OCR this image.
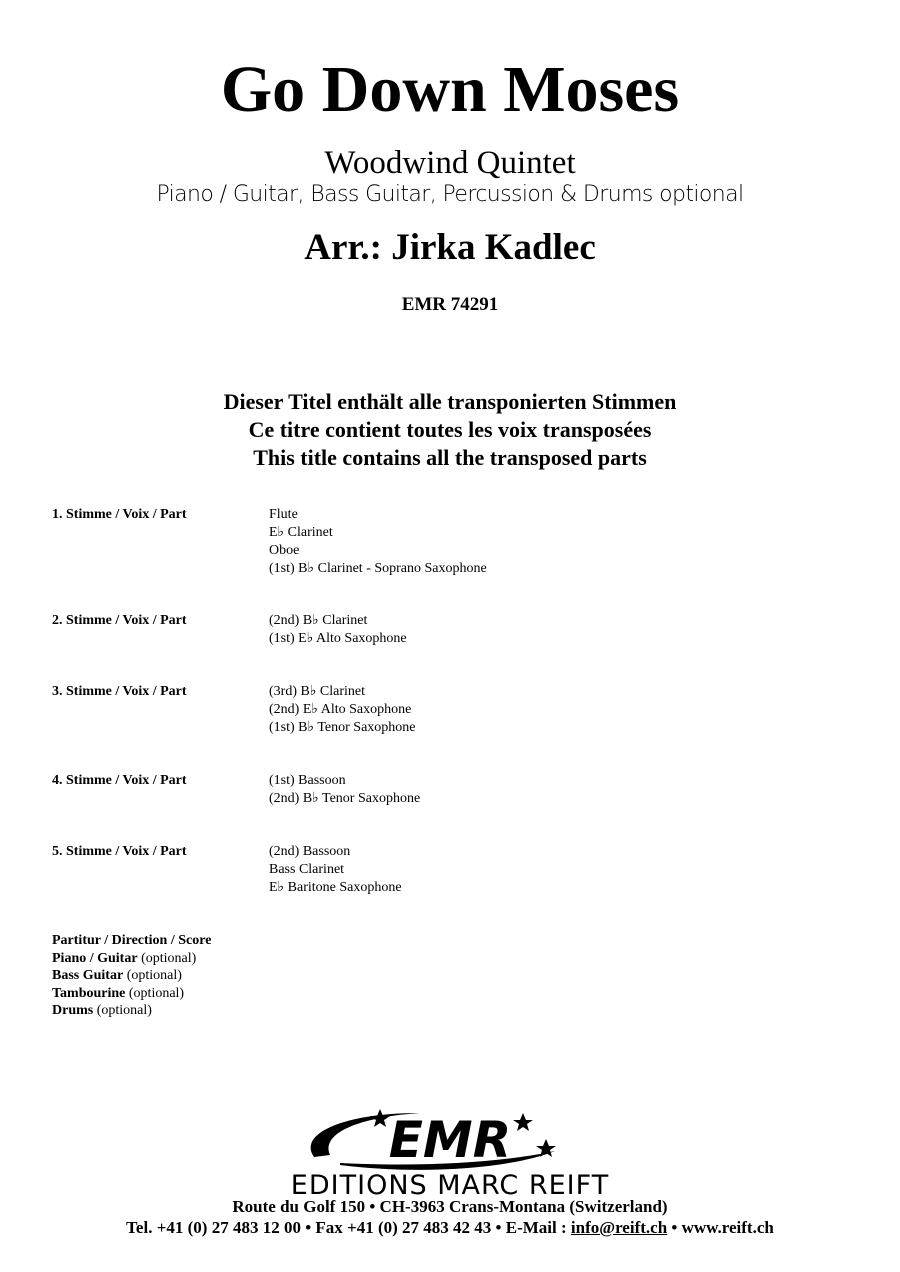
Go Down Moses
Woodwind Quintet
Piano / Guitar, Bass Guitar, Percussion & Drums optional
Arr.: Jirka Kadlec
EMR 74291
Dieser Titel enthält alle transponierten Stimmen
Ce titre contient toutes les voix transposées
This title contains all the transposed parts
1. Stimme / Voix / Part	Flute
E♭ Clarinet
Oboe
(1st) B♭ Clarinet - Soprano Saxophone
2. Stimme / Voix / Part	(2nd) B♭ Clarinet
(1st) E♭ Alto Saxophone
3. Stimme / Voix / Part	(3rd) B♭ Clarinet
(2nd) E♭ Alto Saxophone
(1st) B♭ Tenor Saxophone
4. Stimme / Voix / Part	(1st) Bassoon
(2nd) B♭ Tenor Saxophone
5. Stimme / Voix / Part	(2nd) Bassoon
Bass Clarinet
E♭ Baritone Saxophone
Partitur / Direction / Score
Piano / Guitar (optional)
Bass Guitar (optional)
Tambourine (optional)
Drums (optional)
EMR
EDITIONS MARC REIFT
Route du Golf 150 • CH-3963 Crans-Montana (Switzerland)
Tel. +41 (0) 27 483 12 00 • Fax +41 (0) 27 483 42 43 • E-Mail : info@reift.ch • www.reift.ch
